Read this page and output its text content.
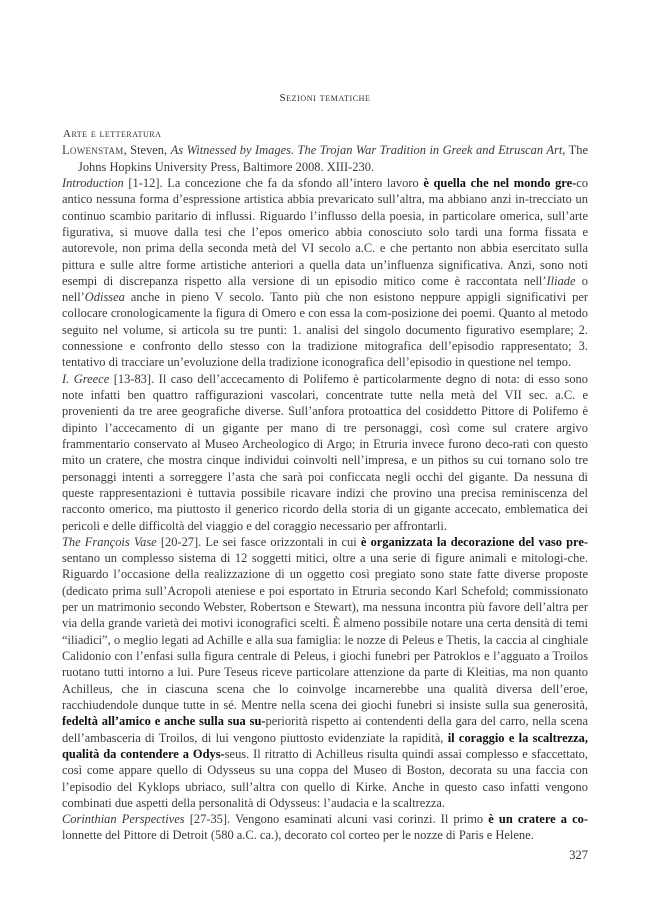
Sezioni tematiche
Arte e letteratura

Lowenstam, Steven, As Witnessed by Images. The Trojan War Tradition in Greek and Etruscan Art, The Johns Hopkins University Press, Baltimore 2008. XIII-230.

Introduction [1-12]. La concezione che fa da sfondo all’intero lavoro è quella che nel mondo gre-co antico nessuna forma d’espressione artistica abbia prevaricato sull’altra, ma abbiano anzi in-trecciato un continuo scambio paritario di influssi. Riguardo l’influsso della poesia, in particolare omerica, sull’arte figurativa, si muove dalla tesi che l’epos omerico abbia conosciuto solo tardi una forma fissata e autorevole, non prima della seconda metà del VI secolo a.C. e che pertanto non abbia esercitato sulla pittura e sulle altre forme artistiche anteriori a quella data un’influenza significativa. Anzi, sono noti esempi di discrepanza rispetto alla versione di un episodio mitico come è raccontata nell’Iliade o nell’Odissea anche in pieno V secolo. Tanto più che non esistono neppure appigli significativi per collocare cronologicamente la figura di Omero e con essa la com-posizione dei poemi. Quanto al metodo seguito nel volume, si articola su tre punti: 1. analisi del singolo documento figurativo esemplare; 2. connessione e confronto dello stesso con la tradizione mitografica dell’episodio rappresentato; 3. tentativo di tracciare un’evoluzione della tradizione iconografica dell’episodio in questione nel tempo.

I. Greece [13-83]. Il caso dell’accecamento di Polifemo è particolarmente degno di nota: di esso sono note infatti ben quattro raffigurazioni vascolari, concentrate tutte nella metà del VII sec. a.C. e provenienti da tre aree geografiche diverse. Sull’anfora protoattica del cosiddetto Pittore di Polifemo è dipinto l’accecamento di un gigante per mano di tre personaggi, così come sul cratere argivo frammentario conservato al Museo Archeologico di Argo; in Etruria invece furono deco-rati con questo mito un cratere, che mostra cinque individui coinvolti nell’impresa, e un pithos su cui tornano solo tre personaggi intenti a sorreggere l’asta che sarà poi conficcata negli occhi del gigante. Da nessuna di queste rappresentazioni è tuttavia possibile ricavare indizi che provino una precisa reminiscenza del racconto omerico, ma piuttosto il generico ricordo della storia di un gigante accecato, emblematica dei pericoli e delle difficoltà del viaggio e del coraggio necessario per affrontarli.

The François Vase [20-27]. Le sei fasce orizzontali in cui è organizzata la decorazione del vaso pre-sentano un complesso sistema di 12 soggetti mitici, oltre a una serie di figure animali e mitologi-che. Riguardo l’occasione della realizzazione di un oggetto così pregiato sono state fatte diverse proposte (dedicato prima sull’Acropoli ateniese e poi esportato in Etruria secondo Karl Schefold; commissionato per un matrimonio secondo Webster, Robertson e Stewart), ma nessuna incontra più favore dell’altra per via della grande varietà dei motivi iconografici scelti. È almeno possibile notare una certa densità di temi “iliadici”, o meglio legati ad Achille e alla sua famiglia: le nozze di Peleus e Thetis, la caccia al cinghiale Calidonio con l’enfasi sulla figura centrale di Peleus, i giochi funebri per Patroklos e l’agguato a Troilos ruotano tutti intorno a lui. Pure Teseus riceve particolare attenzione da parte di Kleitias, ma non quanto Achilleus, che in ciascuna scena che lo coinvolge incarnerebbe una qualità diversa dell’eroe, racchiudendole dunque tutte in sé. Mentre nella scena dei giochi funebri si insiste sulla sua generosità, fedeltà all’amico e anche sulla sua su-periorità rispetto ai contendenti della gara del carro, nella scena dell’ambasceria di Troilos, di lui vengono piuttosto evidenziate la rapidità, il coraggio e la scaltrezza, qualità da contendere a Odys-seus. Il ritratto di Achilleus risulta quindi assai complesso e sfaccettato, così come appare quello di Odysseus su una coppa del Museo di Boston, decorata su una faccia con l’episodio del Kyklops ubriaco, sull’altra con quello di Kirke. Anche in questo caso infatti vengono combinati due aspetti della personalità di Odysseus: l’audacia e la scaltrezza.

Corinthian Perspectives [27-35]. Vengono esaminati alcuni vasi corinzi. Il primo è un cratere a co-lonnette del Pittore di Detroit (580 a.C. ca.), decorato col corteo per le nozze di Paris e Helene.

327
